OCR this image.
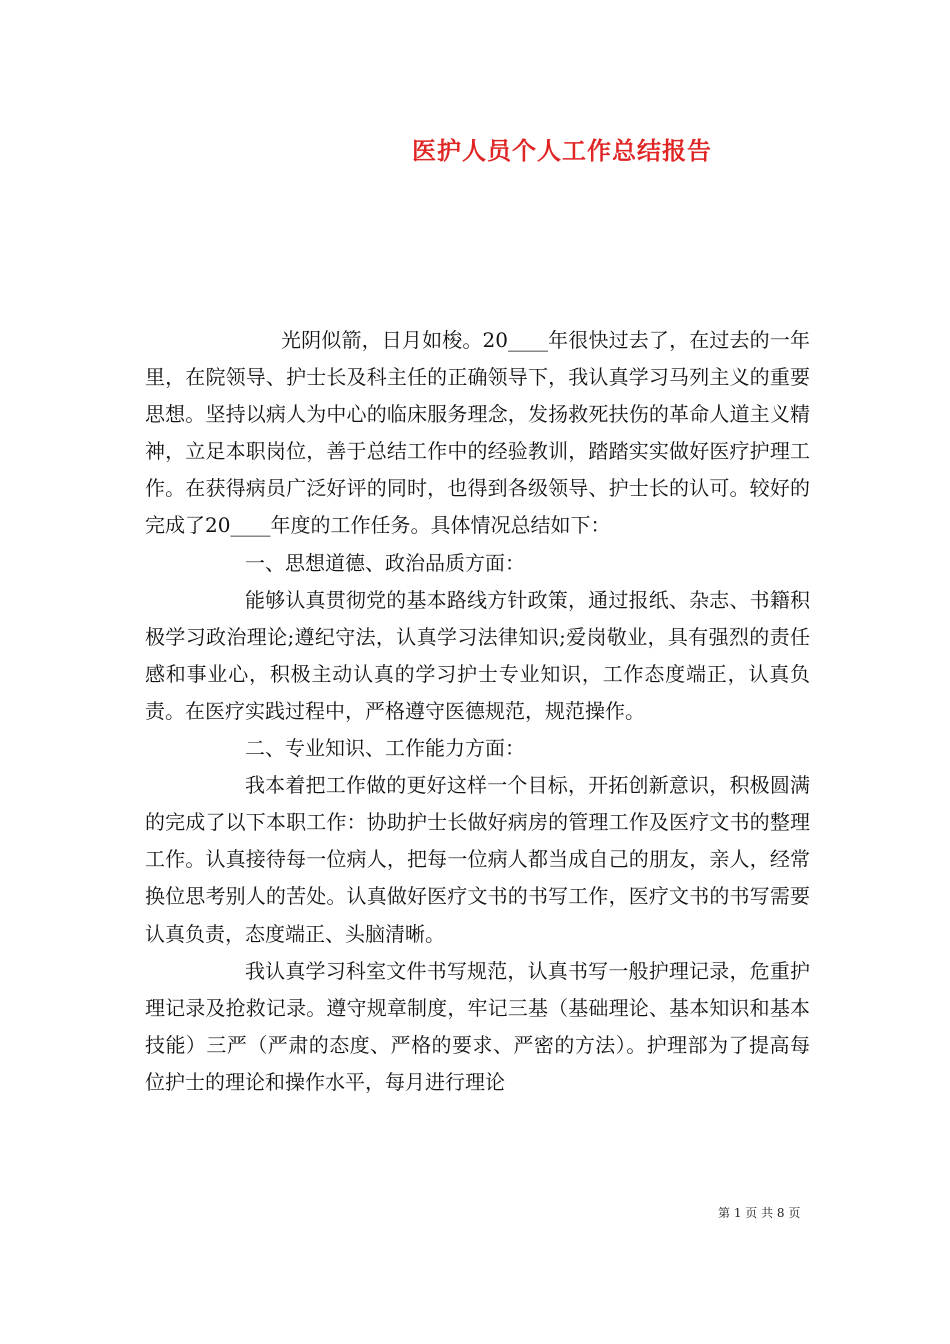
医护人员个人工作总结报告

光阴似箭，日月如梭。20____年很快过去了，在过去的一年里，在院领导、护士长及科主任的正确领导下，我认真学习马列主义的重要思想。坚持以病人为中心的临床服务理念，发扬救死扶伤的革命人道主义精神，立足本职岗位，善于总结工作中的经验教训，踏踏实实做好医疗护理工作。在获得病员广泛好评的同时，也得到各级领导、护士长的认可。较好的完成了20____年度的工作任务。具体情况总结如下：

一、思想道德、政治品质方面：

能够认真贯彻党的基本路线方针政策，通过报纸、杂志、书籍积极学习政治理论;遵纪守法，认真学习法律知识;爱岗敬业，具有强烈的责任感和事业心，积极主动认真的学习护士专业知识，工作态度端正，认真负责。在医疗实践过程中，严格遵守医德规范，规范操作。

二、专业知识、工作能力方面：

我本着把工作做的更好这样一个目标，开拓创新意识，积极圆满的完成了以下本职工作：协助护士长做好病房的管理工作及医疗文书的整理工作。认真接待每一位病人，把每一位病人都当成自己的朋友，亲人，经常换位思考别人的苦处。认真做好医疗文书的书写工作，医疗文书的书写需要认真负责，态度端正、头脑清晰。

我认真学习科室文件书写规范，认真书写一般护理记录，危重护理记录及抢救记录。遵守规章制度，牢记三基（基础理论、基本知识和基本技能）三严（严肃的态度、严格的要求、严密的方法）。护理部为了提高每位护士的理论和操作水平，每月进行理论

第 1 页 共 8 页
